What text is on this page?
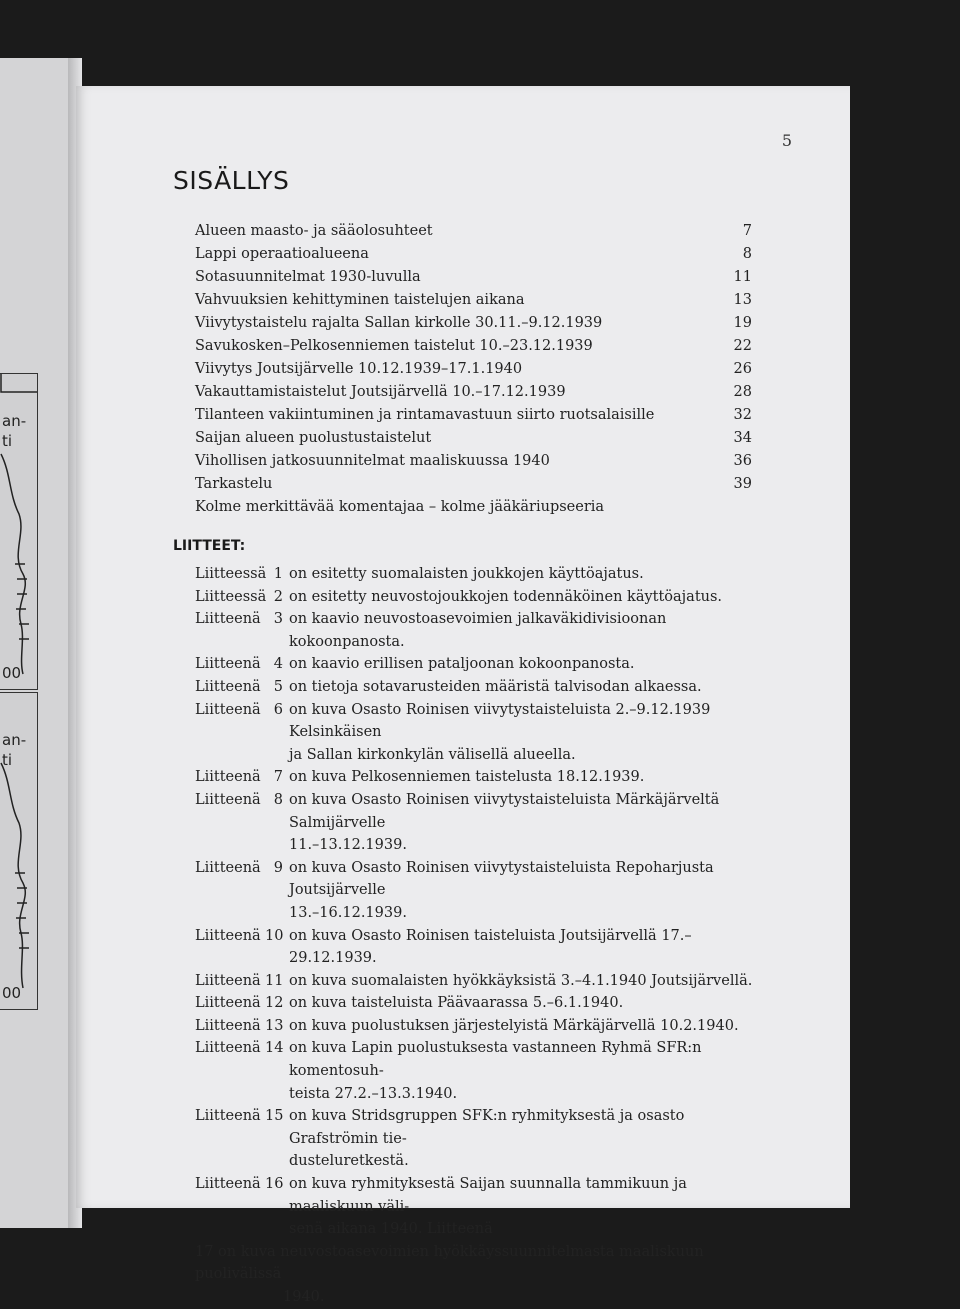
an-
ti
00
an-
ti
00
5
SISÄLLYS
Alueen maasto- ja sääolosuhteet	7
Lappi operaatioalueena	8
Sotasuunnitelmat 1930-luvulla	11
Vahvuuksien kehittyminen taistelujen aikana	13
Viivytystaistelu rajalta Sallan kirkolle 30.11.–9.12.1939	19
Savukosken–Pelkosenniemen taistelut 10.–23.12.1939	22
Viivytys Joutsijärvelle 10.12.1939–17.1.1940	26
Vakauttamistaistelut Joutsijärvellä 10.–17.12.1939	28
Tilanteen vakiintuminen ja rintamavastuun siirto ruotsalaisille	32
Saijan alueen puolustustaistelut	34
Vihollisen jatkosuunnitelmat maaliskuussa 1940	36
Tarkastelu	39
Kolme merkittävää komentajaa – kolme jääkäriupseeria
LIITTEET:
Liitteessä 1 on esitetty suomalaisten joukkojen käyttöajatus.
Liitteessä 2 on esitetty neuvostojoukkojen todennäköinen käyttöajatus.
Liitteenä 3 on kaavio neuvostoasevoimien jalkaväkidivisioonan kokoonpanosta.
Liitteenä 4 on kaavio erillisen pataljoonan kokoonpanosta.
Liitteenä 5 on tietoja sotavarusteiden määristä talvisodan alkaessa.
Liitteenä 6 on kuva Osasto Roinisen viivytystaisteluista 2.–9.12.1939 Kelsinkäisen
ja Sallan kirkonkylän välisellä alueella.
Liitteenä 7 on kuva Pelkosenniemen taistelusta 18.12.1939.
Liitteenä 8 on kuva Osasto Roinisen viivytystaisteluista Märkäjärveltä Salmijärvelle
11.–13.12.1939.
Liitteenä 9 on kuva Osasto Roinisen viivytystaisteluista Repoharjusta Joutsijärvelle
13.–16.12.1939.
Liitteenä 10 on kuva Osasto Roinisen taisteluista Joutsijärvellä 17.–29.12.1939.
Liitteenä 11 on kuva suomalaisten hyökkäyksistä 3.–4.1.1940 Joutsijärvellä.
Liitteenä 12 on kuva taisteluista Päävaarassa 5.–6.1.1940.
Liitteenä 13 on kuva puolustuksen järjestelyistä Märkäjärvellä 10.2.1940.
Liitteenä 14 on kuva Lapin puolustuksesta vastanneen Ryhmä SFR:n komentosuh-
teista 27.2.–13.3.1940.
Liitteenä 15 on kuva Stridsgruppen SFK:n ryhmityksestä ja osasto Grafströmin tie-
dusteluretkestä.
Liitteenä 16 on kuva ryhmityksestä Saijan suunnalla tammikuun ja maaliskuun väli-
senä aikana 1940. Liitteenä
17 on kuva neuvostoasevoimien hyökkäyssuunnitelmasta maaliskuun puolivälissä
1940.
